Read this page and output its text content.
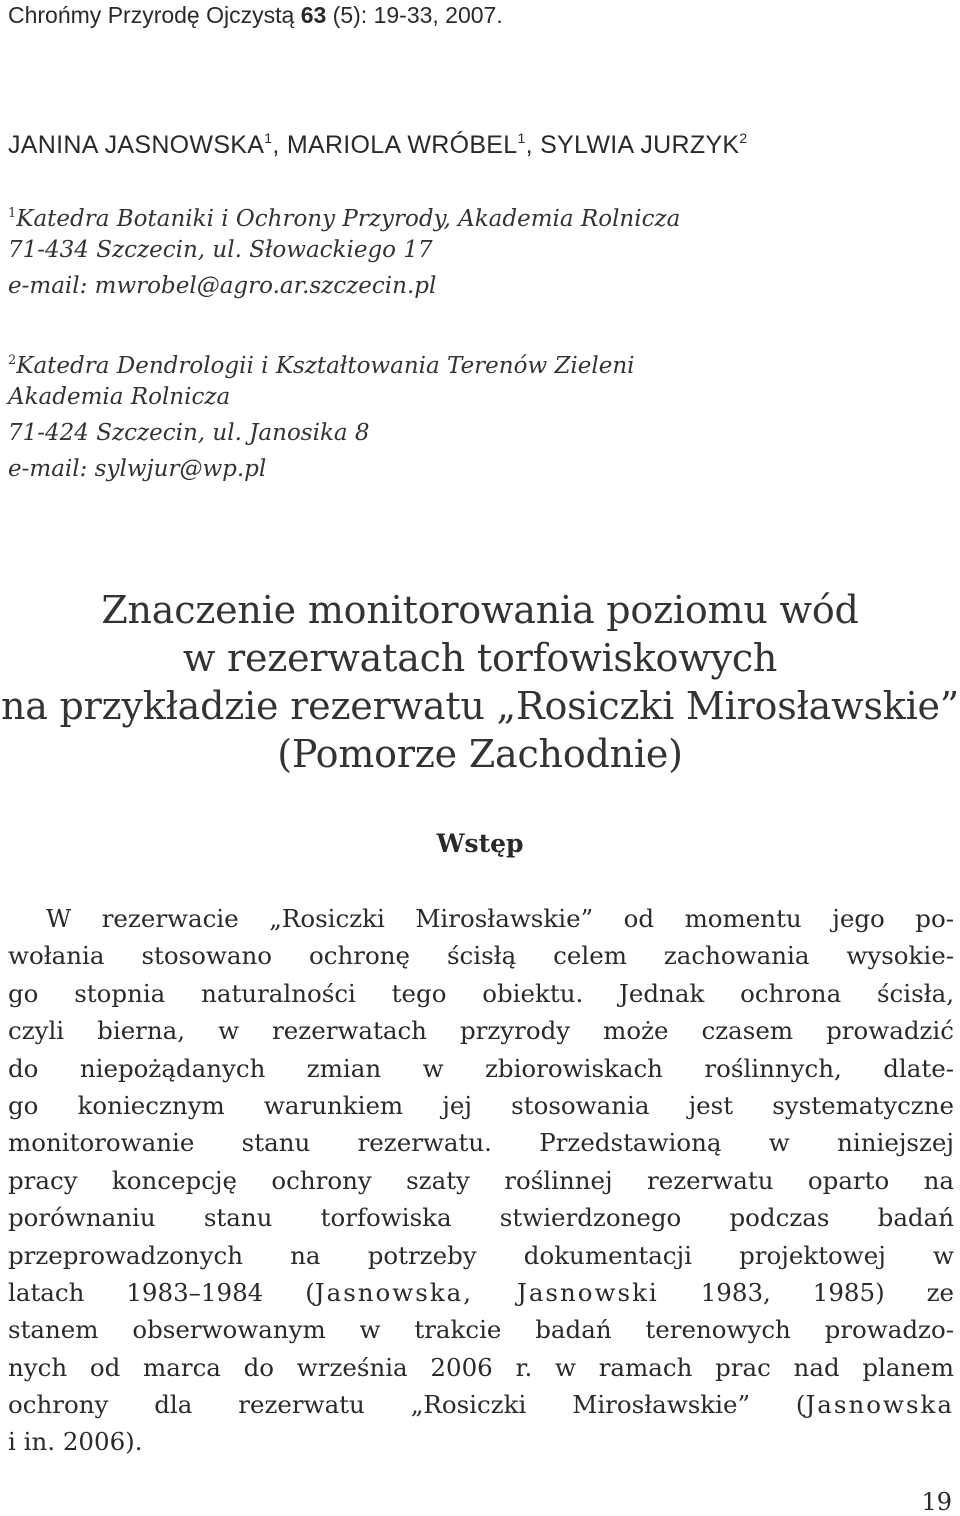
Chrońmy Przyrodę Ojczystą 63 (5): 19-33, 2007.
JANINA JASNOWSKA$^1$, MARIOLA WRÓBEL$^1$, SYLWIA JURZYK$^2$
$^1$Katedra Botaniki i Ochrony Przyrody, Akademia Rolnicza
71-434 Szczecin, ul. Słowackiego 17
e-mail: mwrobel@agro.ar.szczecin.pl
$^2$Katedra Dendrologii i Kształtowania Terenów Zieleni
Akademia Rolnicza
71-424 Szczecin, ul. Janosika 8
e-mail: sylwjur@wp.pl
Znaczenie monitorowania poziomu wód
w rezerwatach torfowiskowych
na przykładzie rezerwatu „Rosiczki Mirosławskie”
(Pomorze Zachodnie)
Wstęp
W rezerwacie „Rosiczki Mirosławskie” od momentu jego po-
wołania stosowano ochronę ścisłą celem zachowania wysokie-
go stopnia naturalności tego obiektu. Jednak ochrona ścisła,
czyli bierna, w rezerwatach przyrody może czasem prowadzić
do niepożądanych zmian w zbiorowiskach roślinnych, dlate-
go koniecznym warunkiem jej stosowania jest systematyczne
monitorowanie stanu rezerwatu. Przedstawioną w niniejszej
pracy koncepcję ochrony szaty roślinnej rezerwatu oparto na
porównaniu stanu torfowiska stwierdzonego podczas badań
przeprowadzonych na potrzeby dokumentacji projektowej w
latach 1983–1984 (Jasnowska, Jasnowski 1983, 1985) ze
stanem obserwowanym w trakcie badań terenowych prowadzo-
nych od marca do września 2006 r. w ramach prac nad planem
ochrony dla rezerwatu „Rosiczki Mirosławskie” (Jasnowska
i in. 2006).
19
